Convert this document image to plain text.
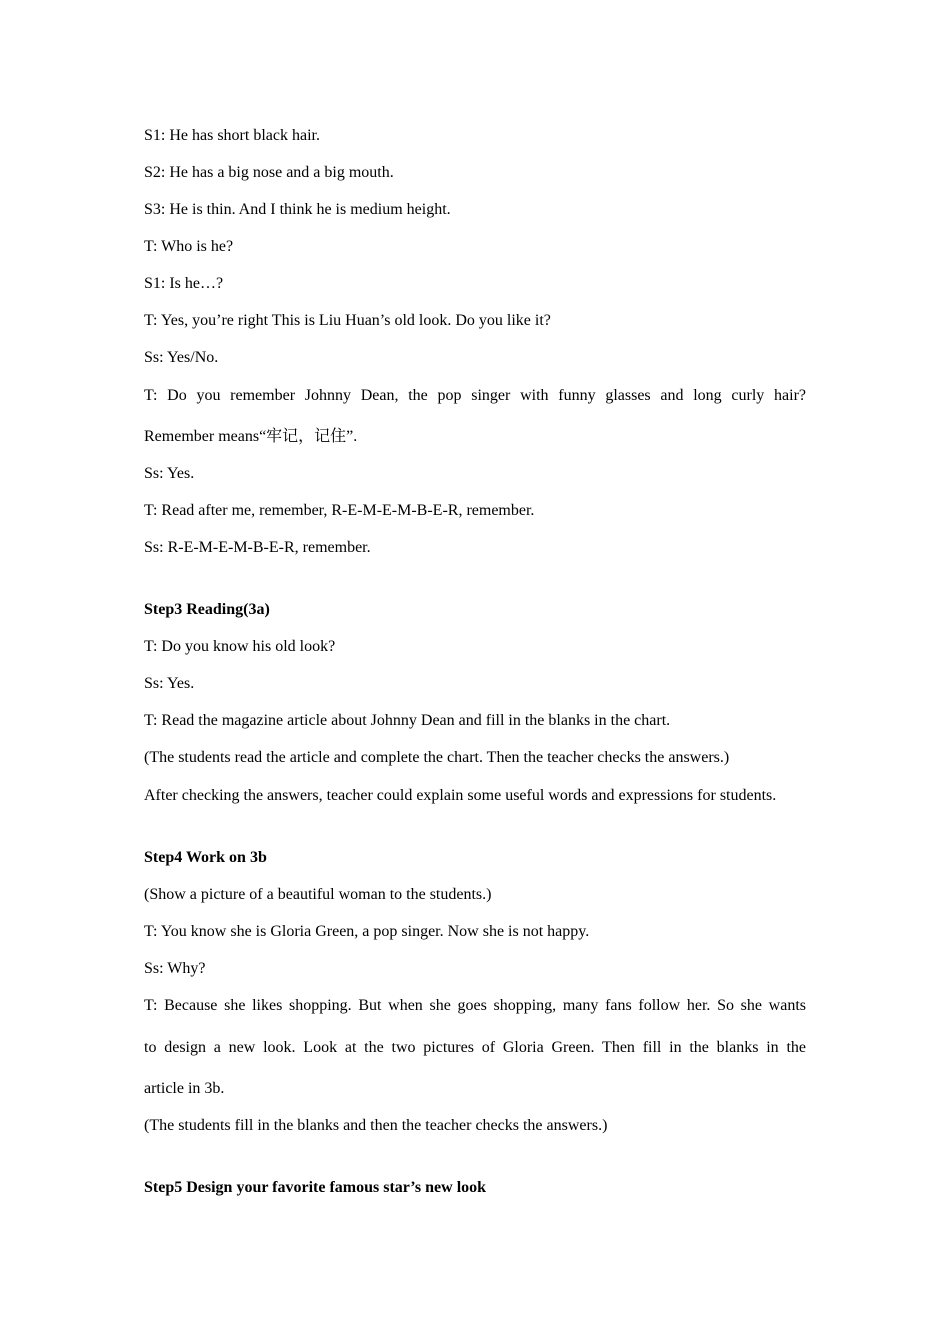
S1: He has short black hair.

S2: He has a big nose and a big mouth.

S3: He is thin. And I think he is medium height.

T: Who is he?

S1: Is he…?

T: Yes, you’re right This is Liu Huan’s old look. Do you like it?

Ss: Yes/No.

T: Do you remember Johnny Dean, the pop singer with funny glasses and long curly hair?

Remember means“牢记，记住”.

Ss: Yes.

T: Read after me, remember, R-E-M-E-M-B-E-R, remember.

Ss: R-E-M-E-M-B-E-R, remember.

Step3 Reading(3a)

T: Do you know his old look?

Ss: Yes.

T: Read the magazine article about Johnny Dean and fill in the blanks in the chart.

(The students read the article and complete the chart. Then the teacher checks the answers.)

After checking the answers, teacher could explain some useful words and expressions for students.

Step4 Work on 3b

(Show a picture of a beautiful woman to the students.)

T: You know she is Gloria Green, a pop singer. Now she is not happy.

Ss: Why?

T: Because she likes shopping. But when she goes shopping, many fans follow her. So she wants

to design a new look. Look at the two pictures of Gloria Green. Then fill in the blanks in the

article in 3b.

(The students fill in the blanks and then the teacher checks the answers.)

Step5 Design your favorite famous star’s new look
